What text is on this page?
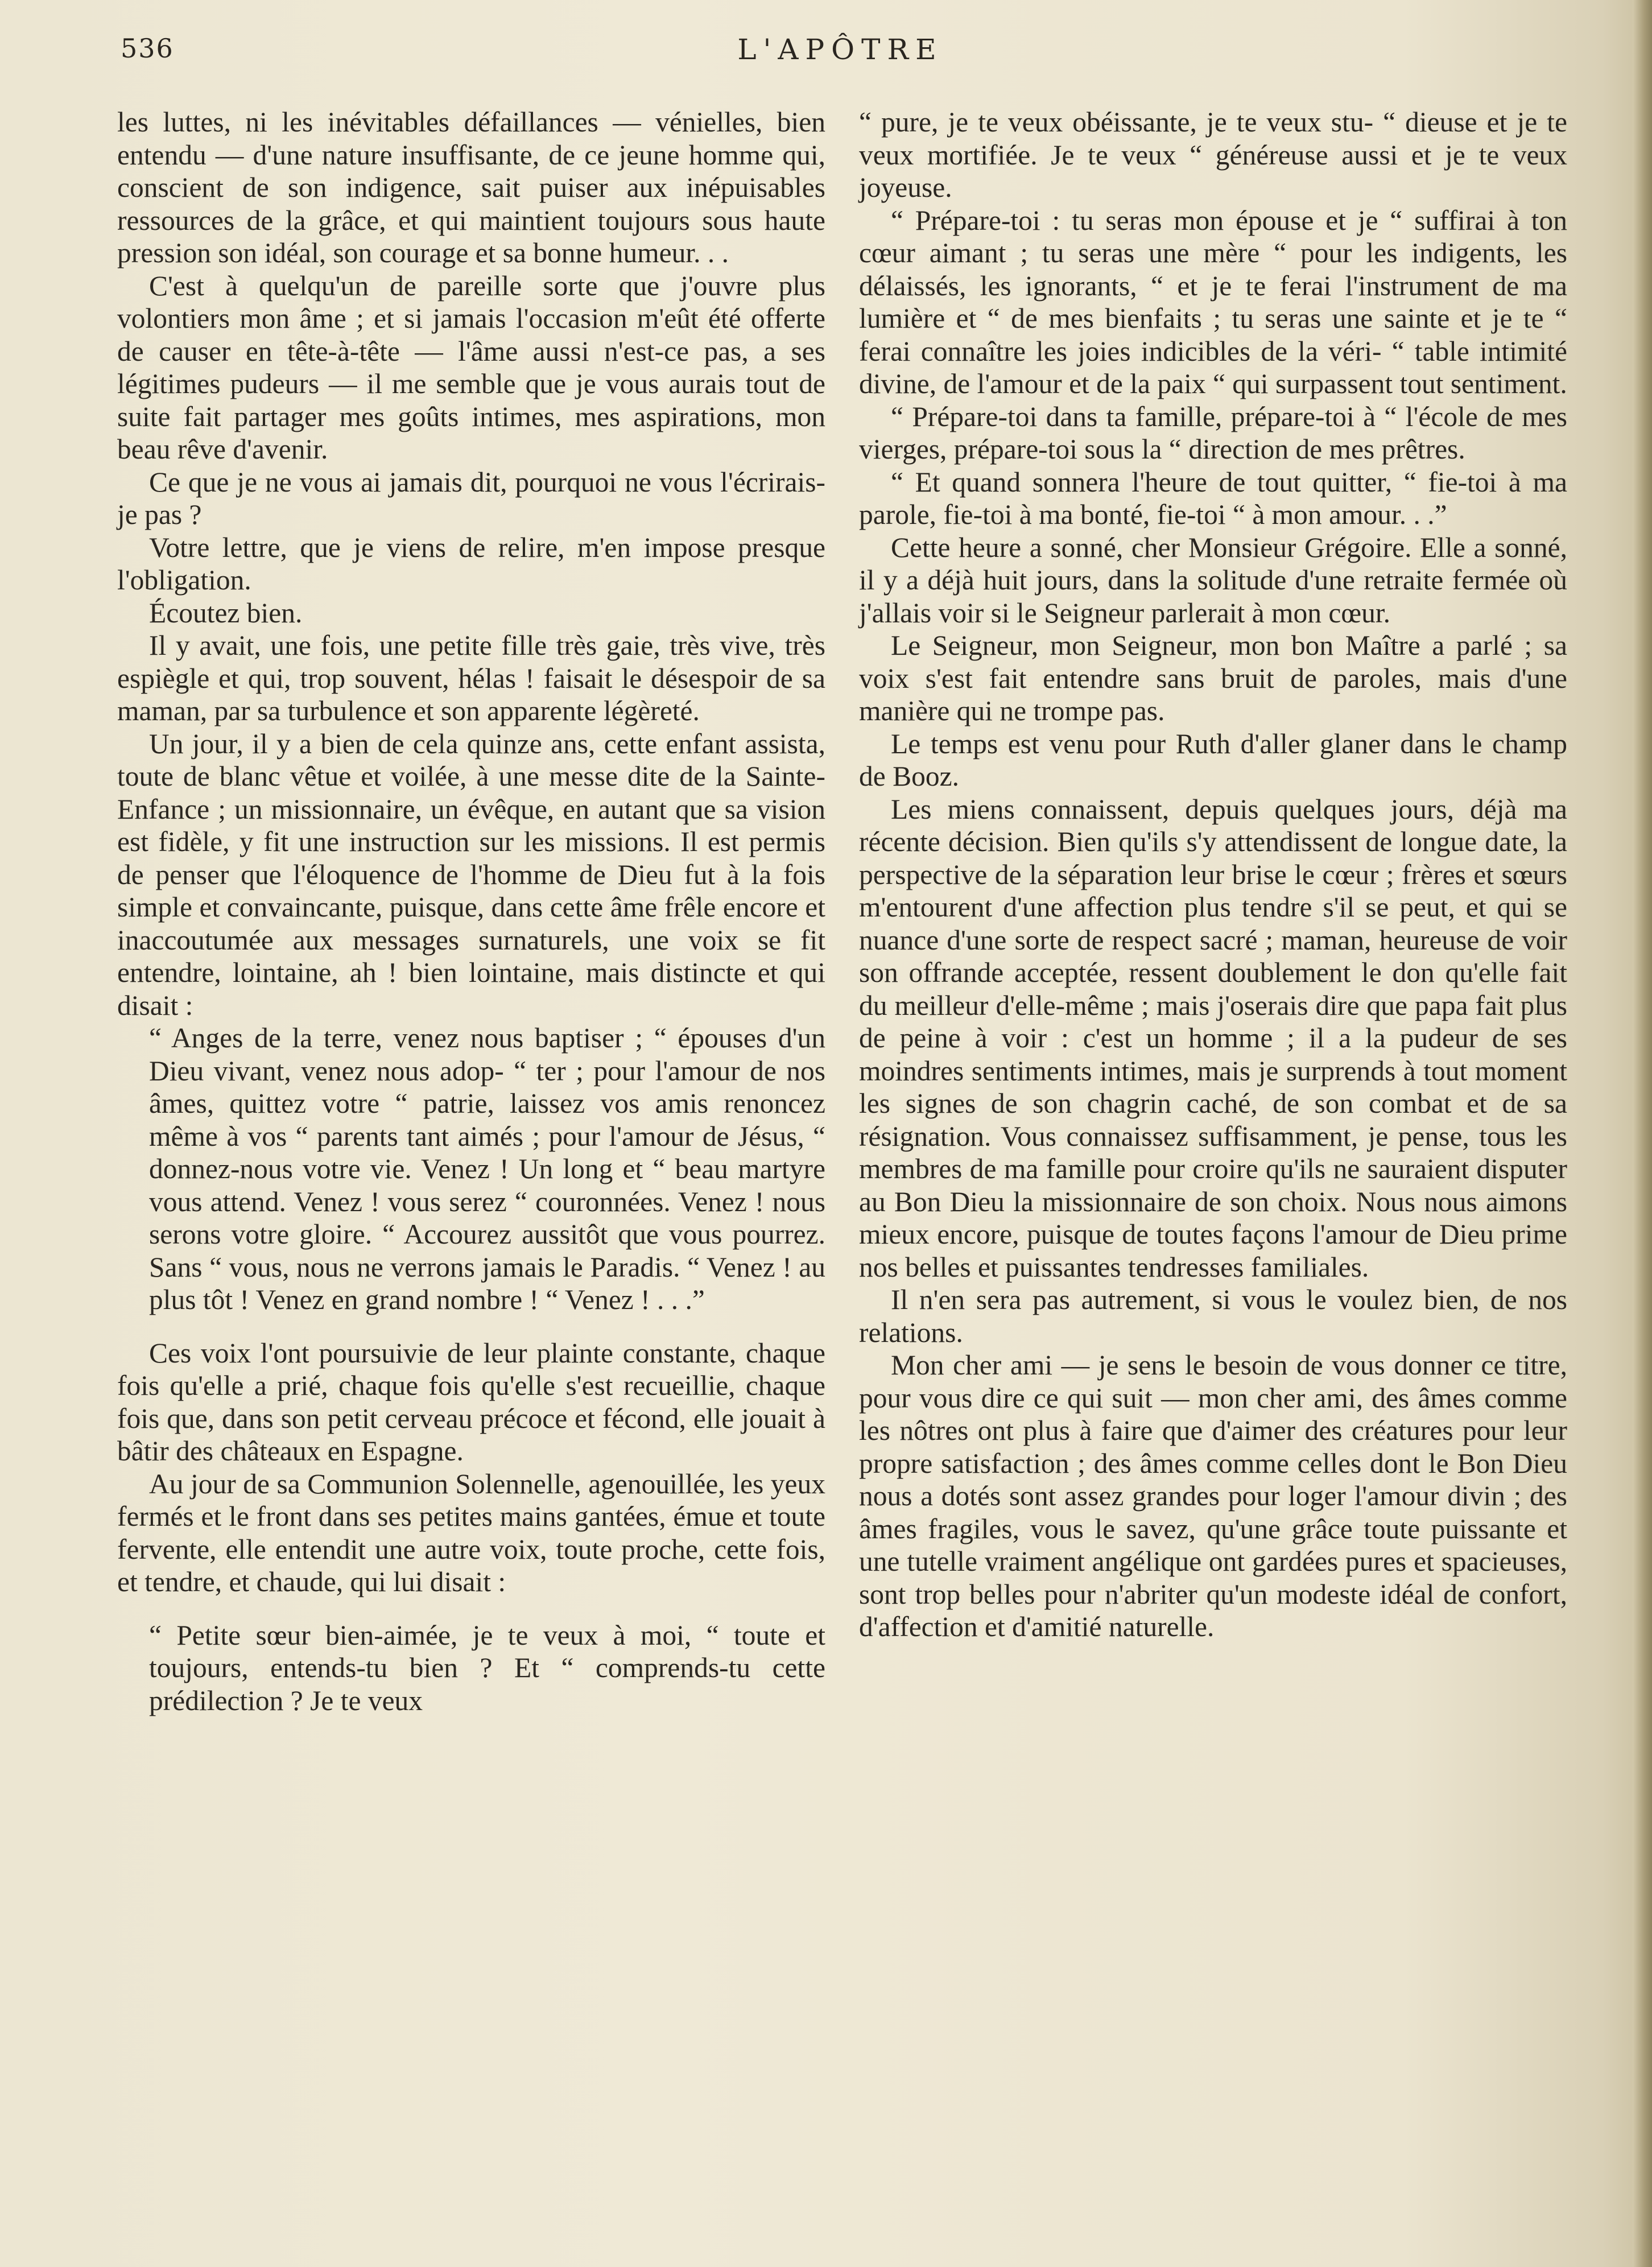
536	L'APÔTRE

les luttes, ni les inévitables défaillances — vénielles, bien entendu — d'une nature insuffisante, de ce jeune homme qui, conscient de son indigence, sait puiser aux inépuisables ressources de la grâce, et qui maintient toujours sous haute pression son idéal, son courage et sa bonne humeur. . .

C'est à quelqu'un de pareille sorte que j'ouvre plus volontiers mon âme ; et si jamais l'occasion m'eût été offerte de causer en tête-à-tête — l'âme aussi n'est-ce pas, a ses légitimes pudeurs — il me semble que je vous aurais tout de suite fait partager mes goûts intimes, mes aspirations, mon beau rêve d'avenir.

Ce que je ne vous ai jamais dit, pourquoi ne vous l'écrirais-je pas ?

Votre lettre, que je viens de relire, m'en impose presque l'obligation.

Écoutez bien.

Il y avait, une fois, une petite fille très gaie, très vive, très espiègle et qui, trop souvent, hélas ! faisait le désespoir de sa maman, par sa turbulence et son apparente légèreté.

Un jour, il y a bien de cela quinze ans, cette enfant assista, toute de blanc vêtue et voilée, à une messe dite de la Sainte-Enfance ; un missionnaire, un évêque, en autant que sa vision est fidèle, y fit une instruction sur les missions. Il est permis de penser que l'éloquence de l'homme de Dieu fut à la fois simple et convaincante, puisque, dans cette âme frêle encore et inaccoutumée aux messages surnaturels, une voix se fit entendre, lointaine, ah ! bien lointaine, mais distincte et qui disait :

“ Anges de la terre, venez nous baptiser ; “ épouses d'un Dieu vivant, venez nous adop- “ ter ; pour l'amour de nos âmes, quittez votre “ patrie, laissez vos amis renoncez même à vos “ parents tant aimés ; pour l'amour de Jésus, “ donnez-nous votre vie. Venez ! Un long et “ beau martyre vous attend. Venez ! vous serez “ couronnées. Venez ! nous serons votre gloire. “ Accourez aussitôt que vous pourrez. Sans “ vous, nous ne verrons jamais le Paradis. “ Venez ! au plus tôt ! Venez en grand nombre ! “ Venez ! . . .”

Ces voix l'ont poursuivie de leur plainte constante, chaque fois qu'elle a prié, chaque fois qu'elle s'est recueillie, chaque fois que, dans son petit cerveau précoce et fécond, elle jouait à bâtir des châteaux en Espagne.

Au jour de sa Communion Solennelle, agenouillée, les yeux fermés et le front dans ses petites mains gantées, émue et toute fervente, elle entendit une autre voix, toute proche, cette fois, et tendre, et chaude, qui lui disait :

“ Petite sœur bien-aimée, je te veux à moi, “ toute et toujours, entends-tu bien ? Et “ comprends-tu cette prédilection ? Je te veux

“ pure, je te veux obéissante, je te veux stu- “ dieuse et je te veux mortifiée. Je te veux “ généreuse aussi et je te veux joyeuse.

“ Prépare-toi : tu seras mon épouse et je “ suffirai à ton cœur aimant ; tu seras une mère “ pour les indigents, les délaissés, les ignorants, “ et je te ferai l'instrument de ma lumière et “ de mes bienfaits ; tu seras une sainte et je te “ ferai connaître les joies indicibles de la véri- “ table intimité divine, de l'amour et de la paix “ qui surpassent tout sentiment.

“ Prépare-toi dans ta famille, prépare-toi à “ l'école de mes vierges, prépare-toi sous la “ direction de mes prêtres.

“ Et quand sonnera l'heure de tout quitter, “ fie-toi à ma parole, fie-toi à ma bonté, fie-toi “ à mon amour. . .”

Cette heure a sonné, cher Monsieur Grégoire. Elle a sonné, il y a déjà huit jours, dans la solitude d'une retraite fermée où j'allais voir si le Seigneur parlerait à mon cœur.

Le Seigneur, mon Seigneur, mon bon Maître a parlé ; sa voix s'est fait entendre sans bruit de paroles, mais d'une manière qui ne trompe pas.

Le temps est venu pour Ruth d'aller glaner dans le champ de Booz.

Les miens connaissent, depuis quelques jours, déjà ma récente décision. Bien qu'ils s'y attendissent de longue date, la perspective de la séparation leur brise le cœur ; frères et sœurs m'entourent d'une affection plus tendre s'il se peut, et qui se nuance d'une sorte de respect sacré ; maman, heureuse de voir son offrande acceptée, ressent doublement le don qu'elle fait du meilleur d'elle-même ; mais j'oserais dire que papa fait plus de peine à voir : c'est un homme ; il a la pudeur de ses moindres sentiments intimes, mais je surprends à tout moment les signes de son chagrin caché, de son combat et de sa résignation. Vous connaissez suffisamment, je pense, tous les membres de ma famille pour croire qu'ils ne sauraient disputer au Bon Dieu la missionnaire de son choix. Nous nous aimons mieux encore, puisque de toutes façons l'amour de Dieu prime nos belles et puissantes tendresses familiales.

Il n'en sera pas autrement, si vous le voulez bien, de nos relations.

Mon cher ami — je sens le besoin de vous donner ce titre, pour vous dire ce qui suit — mon cher ami, des âmes comme les nôtres ont plus à faire que d'aimer des créatures pour leur propre satisfaction ; des âmes comme celles dont le Bon Dieu nous a dotés sont assez grandes pour loger l'amour divin ; des âmes fragiles, vous le savez, qu'une grâce toute puissante et une tutelle vraiment angélique ont gardées pures et spacieuses, sont trop belles pour n'abriter qu'un modeste idéal de confort, d'affection et d'amitié naturelle.
